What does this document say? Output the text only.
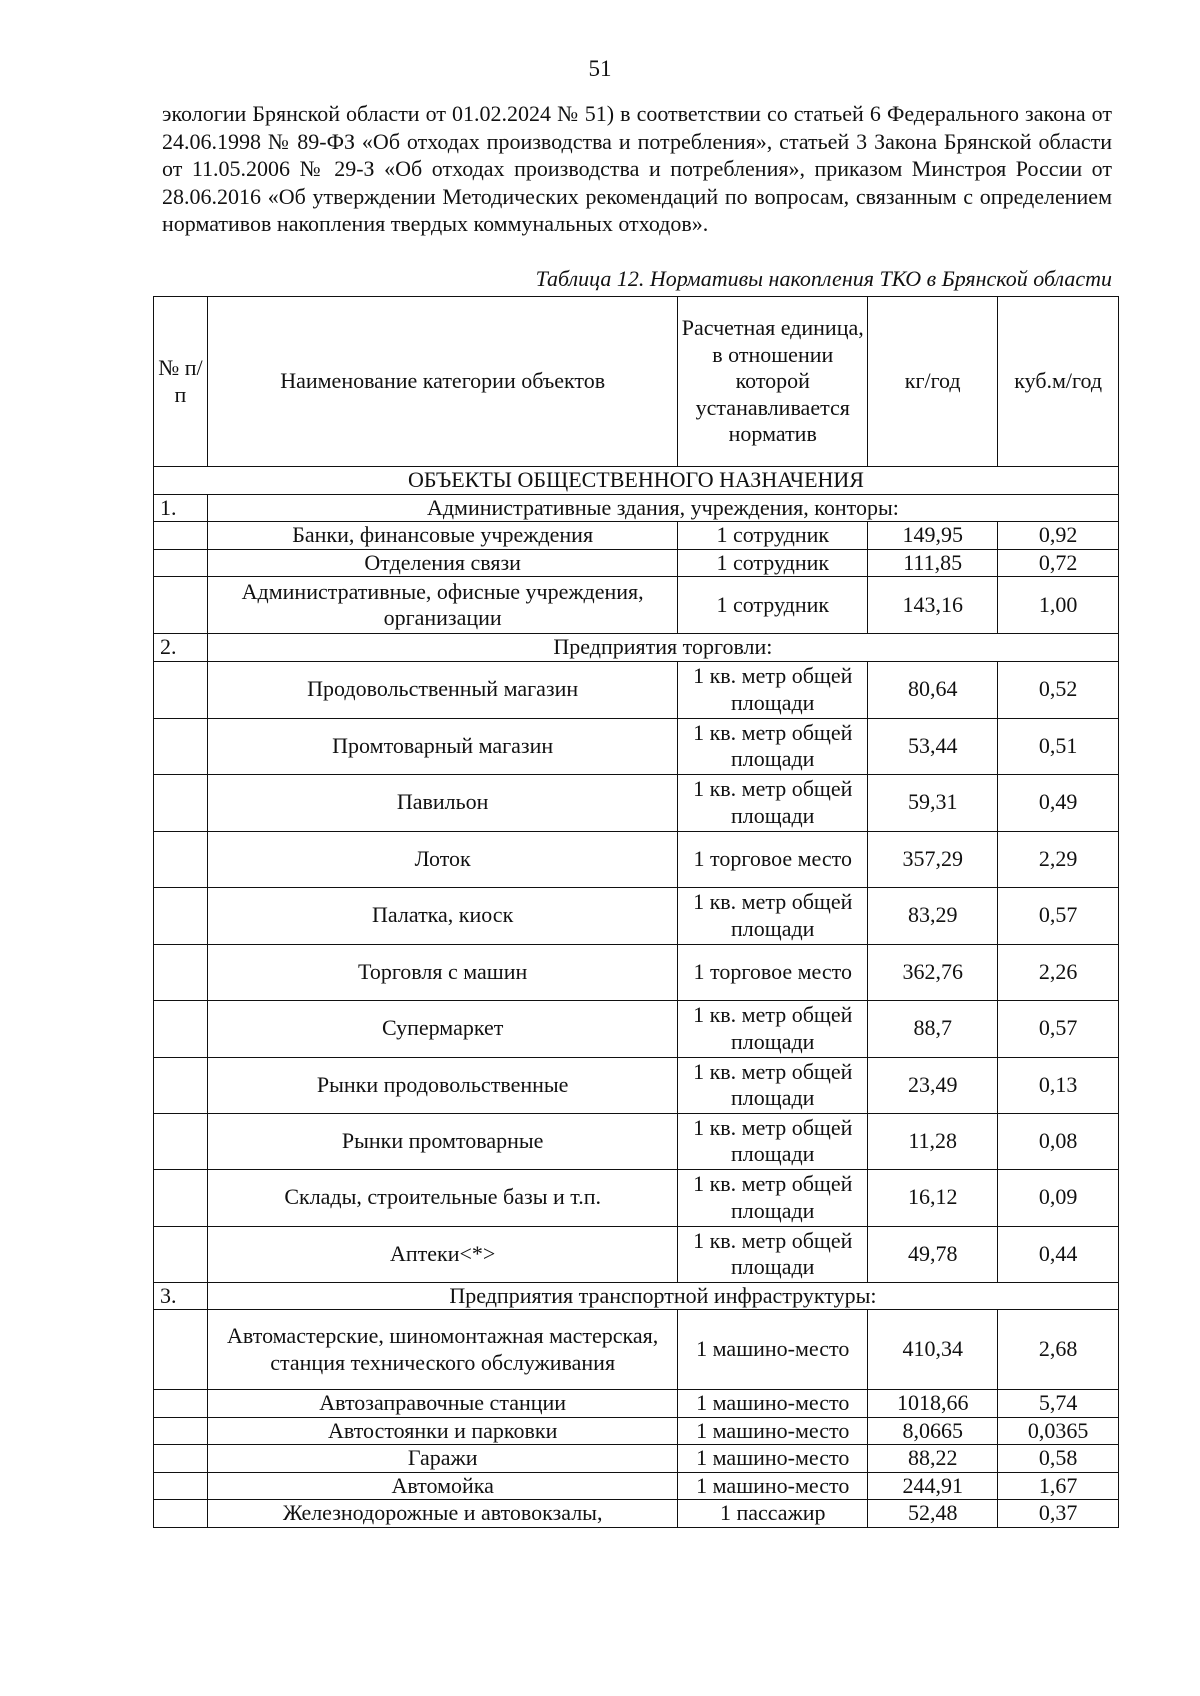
51

экологии Брянской области от 01.02.2024 № 51) в соответствии со статьей 6 Федерального закона от 24.06.1998 № 89-ФЗ «Об отходах производства и потребления», статьей 3 Закона Брянской области от 11.05.2006 № 29-З «Об отходах производства и потребления», приказом Минстроя России от 28.06.2016 «Об утверждении Методических рекомендаций по вопросам, связанным с определением нормативов накопления твердых коммунальных отходов».

Таблица 12. Нормативы накопления ТКО в Брянской области
№ п/п	Наименование категории объектов	Расчетная единица, в отношении которой устанавливается норматив	кг/год	куб.м/год
ОБЪЕКТЫ ОБЩЕСТВЕННОГО НАЗНАЧЕНИЯ				
1.	Административные здания, учреждения, конторы:			
	Банки, финансовые учреждения	1 сотрудник	149,95	0,92
	Отделения связи	1 сотрудник	111,85	0,72
	Административные, офисные учреждения, организации	1 сотрудник	143,16	1,00
2.	Предприятия торговли:			
	Продовольственный магазин	1 кв. метр общей площади	80,64	0,52
	Промтоварный магазин	1 кв. метр общей площади	53,44	0,51
	Павильон	1 кв. метр общей площади	59,31	0,49
	Лоток	1 торговое место	357,29	2,29
	Палатка, киоск	1 кв. метр общей площади	83,29	0,57
	Торговля с машин	1 торговое место	362,76	2,26
	Супермаркет	1 кв. метр общей площади	88,7	0,57
	Рынки продовольственные	1 кв. метр общей площади	23,49	0,13
	Рынки промтоварные	1 кв. метр общей площади	11,28	0,08
	Склады, строительные базы и т.п.	1 кв. метр общей площади	16,12	0,09
	Аптеки<*>	1 кв. метр общей площади	49,78	0,44
3.	Предприятия транспортной инфраструктуры:			
	Автомастерские, шиномонтажная мастерская, станция технического обслуживания	1 машино-место	410,34	2,68
	Автозаправочные станции	1 машино-место	1018,66	5,74
	Автостоянки и парковки	1 машино-место	8,0665	0,0365
	Гаражи	1 машино-место	88,22	0,58
	Автомойка	1 машино-место	244,91	1,67
	Железнодорожные и автовокзалы,	1 пассажир	52,48	0,37
